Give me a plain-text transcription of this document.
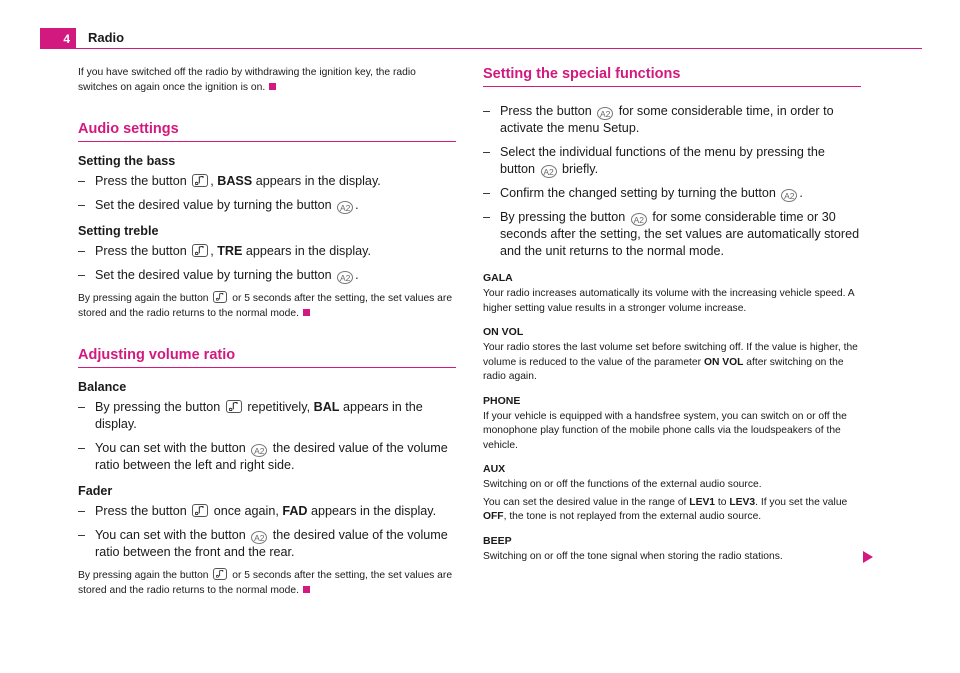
4	Radio

If you have switched off the radio by withdrawing the ignition key, the radio switches on again once the ignition is on.

Audio settings
Setting the bass
– Press the button , BASS appears in the display.
– Set the desired value by turning the button A2 .
Setting treble
– Press the button , TRE appears in the display.
– Set the desired value by turning the button A2 .

By pressing again the button
or 5 seconds after the setting, the set values are stored and the radio returns to the normal mode.

Adjusting volume ratio
Balance
– By pressing the button
repetitively, BAL appears in the display.
– You can set with the button A2 the desired value of the volume ratio between the left and right side.
Fader
– Press the button
once again, FAD appears in the display.
– You can set with the button A2 the desired value of the volume ratio between the front and the rear.

By pressing again the button
or 5 seconds after the setting, the set values are stored and the radio returns to the normal mode.

Setting the special functions
– Press the button A2 for some considerable time, in order to activate the menu Setup.
– Select the individual functions of the menu by pressing the button A2 briefly.
– Confirm the changed setting by turning the button A2 .
– By pressing the button A2 for some considerable time or 30 seconds after the setting, the set values are automatically stored and the unit returns to the normal mode.
GALA

Your radio increases automatically its volume with the increasing vehicle speed. A higher setting value results in a stronger volume increase.

ON VOL

Your radio stores the last volume set before switching off. If the value is higher, the volume is reduced to the value of the parameter ON VOL after switching on the radio again.

PHONE

If your vehicle is equipped with a handsfree system, you can switch on or off the monophone play function of the mobile phone calls via the loudspeakers of the vehicle.

AUX

Switching on or off the functions of the external audio source.

You can set the desired value in the range of LEV1 to LEV3. If you set the value OFF, the tone is not replayed from the external audio source.

BEEP

Switching on or off the tone signal when storing the radio stations.
